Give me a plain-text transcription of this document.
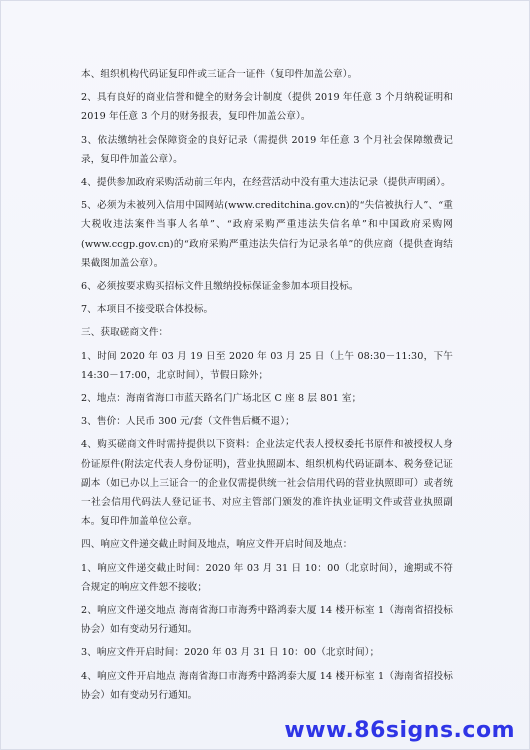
本、组织机构代码证复印件或三证合一证件（复印件加盖公章）。

2、具有良好的商业信誉和健全的财务会计制度（提供 2019 年任意 3 个月纳税证明和 2019 年任意 3 个月的财务报表，复印件加盖公章）。

3、依法缴纳社会保障资金的良好记录（需提供 2019 年任意 3 个月社会保障缴费记录，复印件加盖公章）。

4、提供参加政府采购活动前三年内，在经营活动中没有重大违法记录（提供声明函）。

5、必须为未被列入信用中国网站(www.creditchina.gov.cn)的“失信被执行人”、“重大税收违法案件当事人名单”、“政府采购严重违法失信名单”和中国政府采购网(www.ccgp.gov.cn)的“政府采购严重违法失信行为记录名单”的供应商（提供查询结果截图加盖公章）。

6、必须按要求购买招标文件且缴纳投标保证金参加本项目投标。

7、本项目不接受联合体投标。

三、获取磋商文件：

1、时间 2020 年 03 月 19 日至 2020 年 03 月 25 日（上午 08:30－11:30，下午 14:30－17:00，北京时间），节假日除外；

2、地点：海南省海口市蓝天路名门广场北区 C 座 8 层 801 室；

3、售价：人民币 300 元/套（文件售后概不退）；

4、购买磋商文件时需持提供以下资料：企业法定代表人授权委托书原件和被授权人身份证原件(附法定代表人身份证明)，营业执照副本、组织机构代码证副本、税务登记证副本（如已办以上三证合一的企业仅需提供统一社会信用代码的营业执照即可）或者统一社会信用代码法人登记证书、对应主管部门颁发的准许执业证明文件或营业执照副本。复印件加盖单位公章。

四、响应文件递交截止时间及地点，响应文件开启时间及地点：

1、响应文件递交截止时间：2020 年 03 月 31 日 10：00（北京时间），逾期或不符合规定的响应文件恕不接收；

2、响应文件递交地点 海南省海口市海秀中路鸿泰大厦 14 楼开标室 1（海南省招投标协会）如有变动另行通知。

3、响应文件开启时间：2020 年 03 月 31 日 10：00（北京时间）；

4、响应文件开启地点 海南省海口市海秀中路鸿泰大厦 14 楼开标室 1（海南省招投标协会）如有变动另行通知。

www.86signs.com
